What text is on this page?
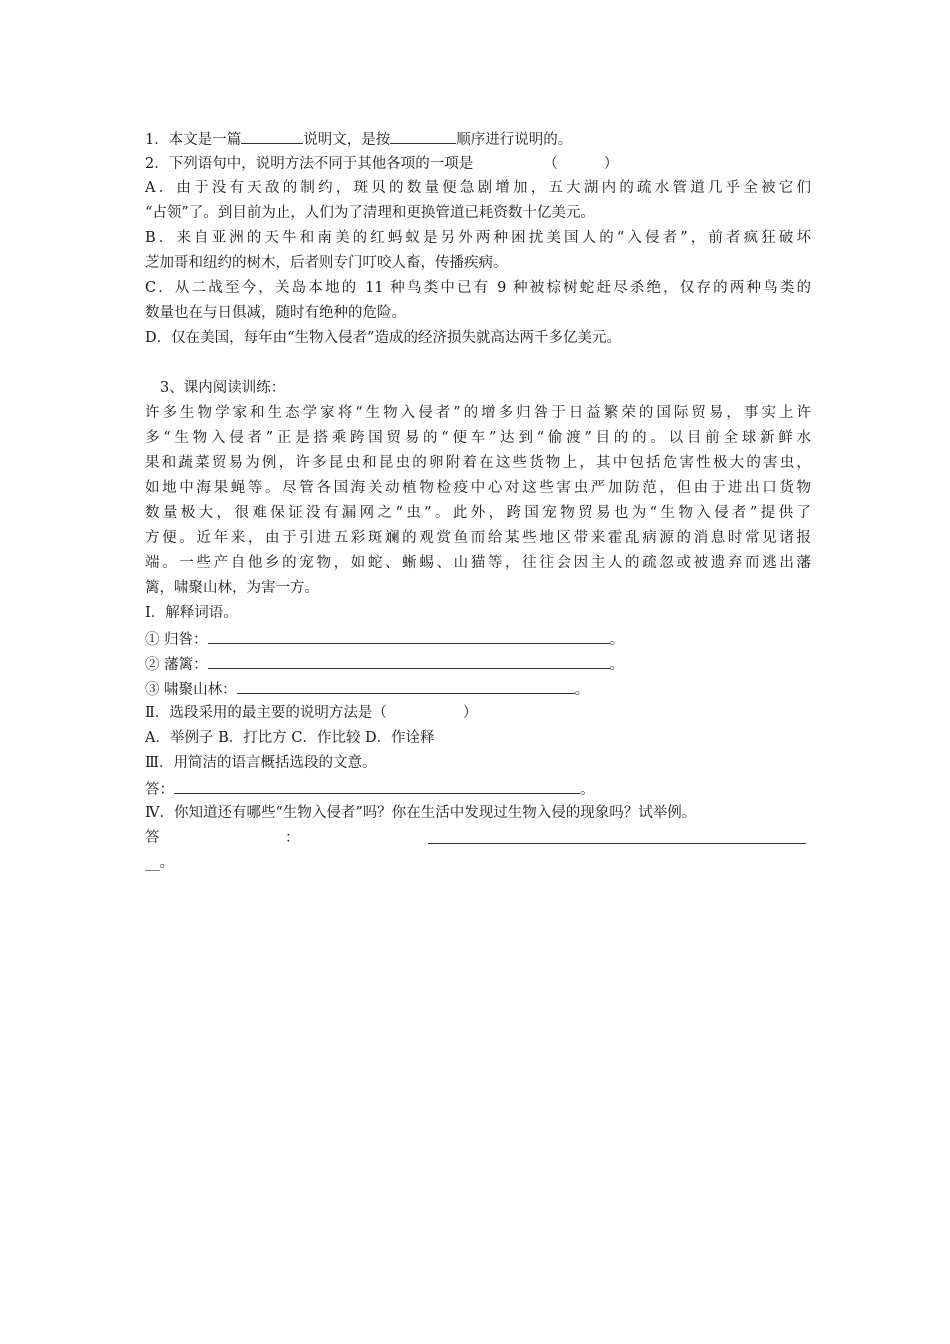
1．本文是一篇	说明文，是按	顺序进行说明的。
2．下列语句中，说明方法不同于其他各项的一项是	（	）
A．由于没有天敌的制约，斑贝的数量便急剧增加，五大湖内的疏水管道几乎全被它们
“占领”了。到目前为止，人们为了清理和更换管道已耗资数十亿美元。
B．来自亚洲的天牛和南美的红蚂蚁是另外两种困扰美国人的“入侵者”，前者疯狂破坏
芝加哥和纽约的树木，后者则专门叮咬人畜，传播疾病。
C．从二战至今，关岛本地的 11 种鸟类中已有 9 种被棕树蛇赶尽杀绝，仅存的两种鸟类的
数量也在与日俱减，随时有绝种的危险。
D．仅在美国，每年由“生物入侵者”造成的经济损失就高达两千多亿美元。
3、课内阅读训练：
许多生物学家和生态学家将“生物入侵者”的增多归咎于日益繁荣的国际贸易，事实上许
多“生物入侵者”正是搭乘跨国贸易的“便车”达到“偷渡”目的的。以目前全球新鲜水
果和蔬菜贸易为例，许多昆虫和昆虫的卵附着在这些货物上，其中包括危害性极大的害虫，
如地中海果蝇等。尽管各国海关动植物检疫中心对这些害虫严加防范，但由于进出口货物
数量极大，很难保证没有漏网之“虫”。此外，跨国宠物贸易也为“生物入侵者”提供了
方便。近年来，由于引进五彩斑斓的观赏鱼而给某些地区带来霍乱病源的消息时常见诸报
端。一些产自他乡的宠物，如蛇、蜥蜴、山猫等，往往会因主人的疏忽或被遗弃而逃出藩
篱，啸聚山林，为害一方。
Ⅰ．解释词语。
① 归咎：	。
② 藩篱：	。
③ 啸聚山林：	。
Ⅱ．选段采用的最主要的说明方法是（	）
A．举例子 B．打比方 C．作比较 D．作诠释
Ⅲ．用简洁的语言概括选段的文意。
答：	。
Ⅳ．你知道还有哪些“生物入侵者”吗？你在生活中发现过生物入侵的现象吗？试举例。
答	：
__。
